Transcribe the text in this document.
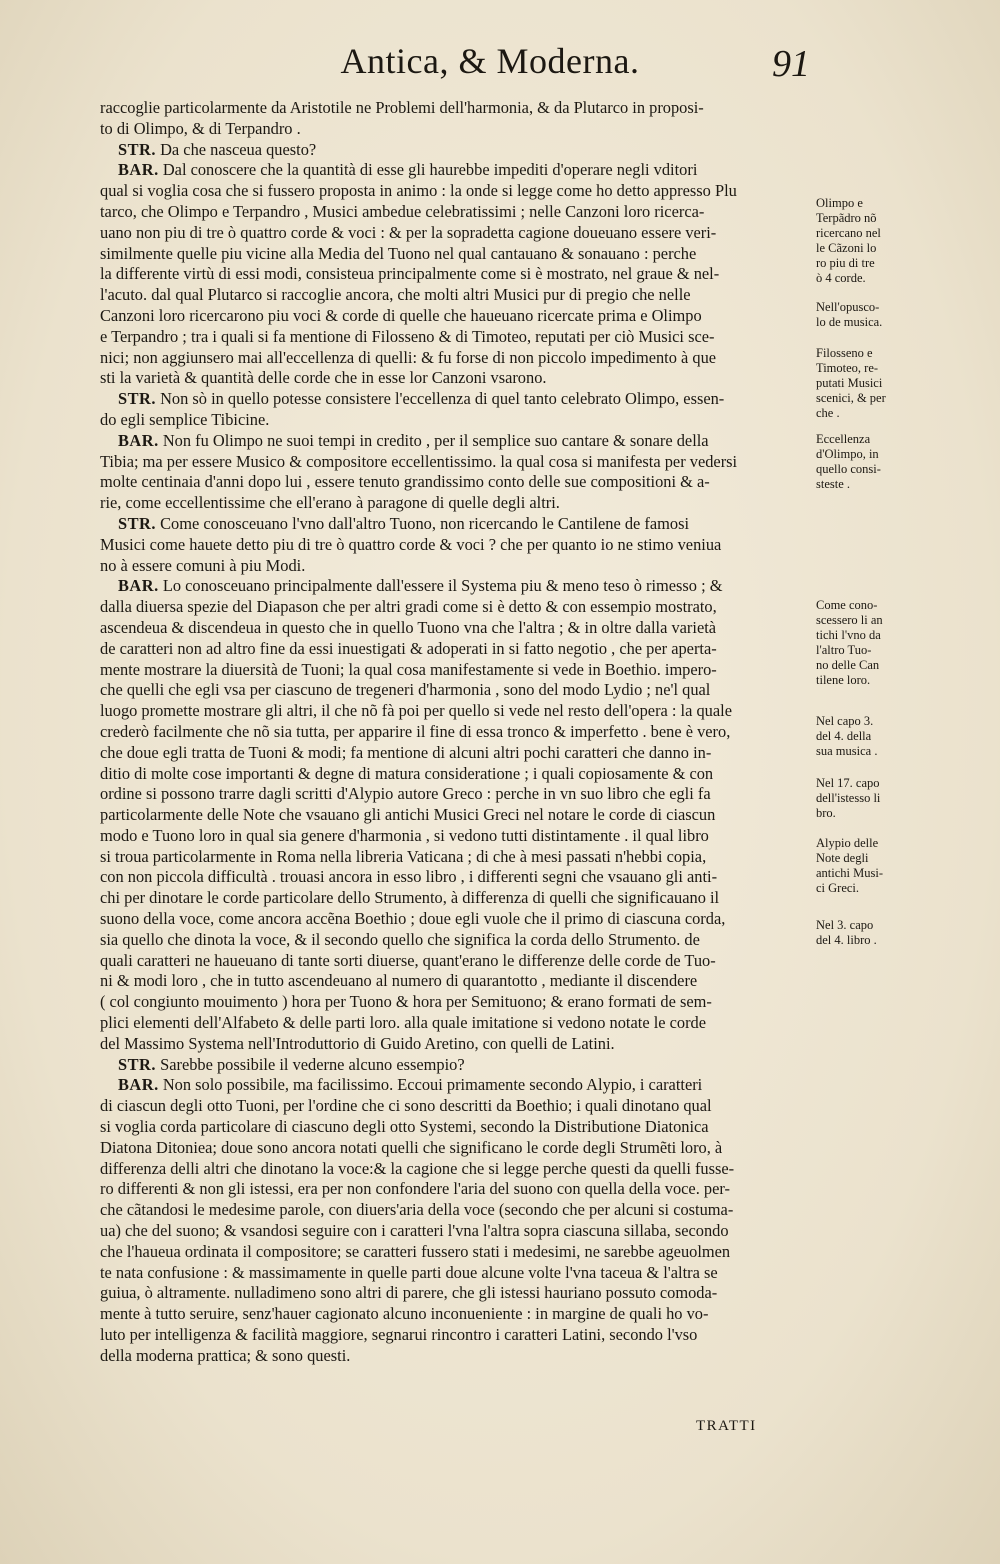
Antica, & Moderna.	91
raccoglie particolarmente da Aristotile ne Problemi dell'harmonia, & da Plutarco in proposi-
to di Olimpo, & di Terpandro .
STR. Da che nasceua questo?
BAR. Dal conoscere che la quantità di esse gli haurebbe impediti d'operare negli vditori
qual si voglia cosa che si fussero proposta in animo : la onde si legge come ho detto appresso Plu
tarco, che Olimpo e Terpandro , Musici ambedue celebratissimi ; nelle Canzoni loro ricerca-
uano non piu di tre ò quattro corde & voci : & per la sopradetta cagione doueuano essere veri-
similmente quelle piu vicine alla Media del Tuono nel qual cantauano & sonauano : perche
la differente virtù di essi modi, consisteua principalmente come si è mostrato, nel graue & nel-
l'acuto. dal qual Plutarco si raccoglie ancora, che molti altri Musici pur di pregio che nelle
Canzoni loro ricercarono piu voci & corde di quelle che haueuano ricercate prima e Olimpo
e Terpandro ; tra i quali si fa mentione di Filosseno & di Timoteo, reputati per ciò Musici sce-
nici; non aggiunsero mai all'eccellenza di quelli: & fu forse di non piccolo impedimento à que
sti la varietà & quantità delle corde che in esse lor Canzoni vsarono.
STR. Non sò in quello potesse consistere l'eccellenza di quel tanto celebrato Olimpo, essen-
do egli semplice Tibicine.
BAR. Non fu Olimpo ne suoi tempi in credito , per il semplice suo cantare & sonare della
Tibia; ma per essere Musico & compositore eccellentissimo. la qual cosa si manifesta per vedersi
molte centinaia d'anni dopo lui , essere tenuto grandissimo conto delle sue compositioni & a-
rie, come eccellentissime che ell'erano à paragone di quelle degli altri.
STR. Come conosceuano l'vno dall'altro Tuono, non ricercando le Cantilene de famosi
Musici come hauete detto piu di tre ò quattro corde & voci ? che per quanto io ne stimo veniua
no à essere comuni à piu Modi.
BAR. Lo conosceuano principalmente dall'essere il Systema piu & meno teso ò rimesso ; &
dalla diuersa spezie del Diapason che per altri gradi come si è detto & con essempio mostrato,
ascendeua & discendeua in questo che in quello Tuono vna che l'altra ; & in oltre dalla varietà
de caratteri non ad altro fine da essi inuestigati & adoperati in si fatto negotio , che per aperta-
mente mostrare la diuersità de Tuoni; la qual cosa manifestamente si vede in Boethio. impero-
che quelli che egli vsa per ciascuno de tregeneri d'harmonia , sono del modo Lydio ; ne'l qual
luogo promette mostrare gli altri, il che nõ fà poi per quello si vede nel resto dell'opera : la quale
crederò facilmente che nõ sia tutta, per apparire il fine di essa tronco & imperfetto . bene è vero,
che doue egli tratta de Tuoni & modi; fa mentione di alcuni altri pochi caratteri che danno in-
ditio di molte cose importanti & degne di matura consideratione ; i quali copiosamente & con
ordine si possono trarre dagli scritti d'Alypio autore Greco : perche in vn suo libro che egli fa
particolarmente delle Note che vsauano gli antichi Musici Greci nel notare le corde di ciascun
modo e Tuono loro in qual sia genere d'harmonia , si vedono tutti distintamente . il qual libro
si troua particolarmente in Roma nella libreria Vaticana ; di che à mesi passati n'hebbi copia,
con non piccola difficultà . trouasi ancora in esso libro , i differenti segni che vsauano gli anti-
chi per dinotare le corde particolare dello Strumento, à differenza di quelli che significauano il
suono della voce, come ancora accẽna Boethio ; doue egli vuole che il primo di ciascuna corda,
sia quello che dinota la voce, & il secondo quello che significa la corda dello Strumento. de
quali caratteri ne haueuano di tante sorti diuerse, quant'erano le differenze delle corde de Tuo-
ni & modi loro , che in tutto ascendeuano al numero di quarantotto , mediante il discendere
( col congiunto mouimento ) hora per Tuono & hora per Semituono; & erano formati de sem-
plici elementi dell'Alfabeto & delle parti loro. alla quale imitatione si vedono notate le corde
del Massimo Systema nell'Introduttorio di Guido Aretino, con quelli de Latini.
STR. Sarebbe possibile il vederne alcuno essempio?
BAR. Non solo possibile, ma facilissimo. Eccoui primamente secondo Alypio, i caratteri
di ciascun degli otto Tuoni, per l'ordine che ci sono descritti da Boethio; i quali dinotano qual
si voglia corda particolare di ciascuno degli otto Systemi, secondo la Distributione Diatonica
Diatona Ditoniea; doue sono ancora notati quelli che significano le corde degli Strumẽti loro, à
differenza delli altri che dinotano la voce:& la cagione che si legge perche questi da quelli fusse-
ro differenti & non gli istessi, era per non confondere l'aria del suono con quella della voce. per-
che cãtandosi le medesime parole, con diuers'aria della voce (secondo che per alcuni si costuma-
ua) che del suono; & vsandosi seguire con i caratteri l'vna l'altra sopra ciascuna sillaba, secondo
che l'haueua ordinata il compositore; se caratteri fussero stati i medesimi, ne sarebbe ageuolmen
te nata confusione : & massimamente in quelle parti doue alcune volte l'vna taceua & l'altra se
guiua, ò altramente. nulladimeno sono altri di parere, che gli istessi hauriano possuto comoda-
mente à tutto seruire, senz'hauer cagionato alcuno inconueniente : in margine de quali ho vo-
luto per intelligenza & facilità maggiore, segnarui rincontro i caratteri Latini, secondo l'vso
della moderna prattica; & sono questi.
Olimpo e
Terpãdro nõ
ricercano nel
le Cãzoni lo
ro piu di tre
ò 4 corde.
Nell'opusco-
lo de musica.
Filosseno e
Timoteo, re-
putati Musici
scenici, & per
che .
Eccellenza
d'Olimpo, in
quello consi-
steste .
Come cono-
scessero li an
tichi l'vno da
l'altro Tuo-
no delle Can
tilene loro.
Nel capo 3.
del 4. della
sua musica .
Nel 17. capo
dell'istesso li
bro.
Alypio delle
Note degli
antichi Musi-
ci Greci.
Nel 3. capo
del 4. libro .
TRATTI
